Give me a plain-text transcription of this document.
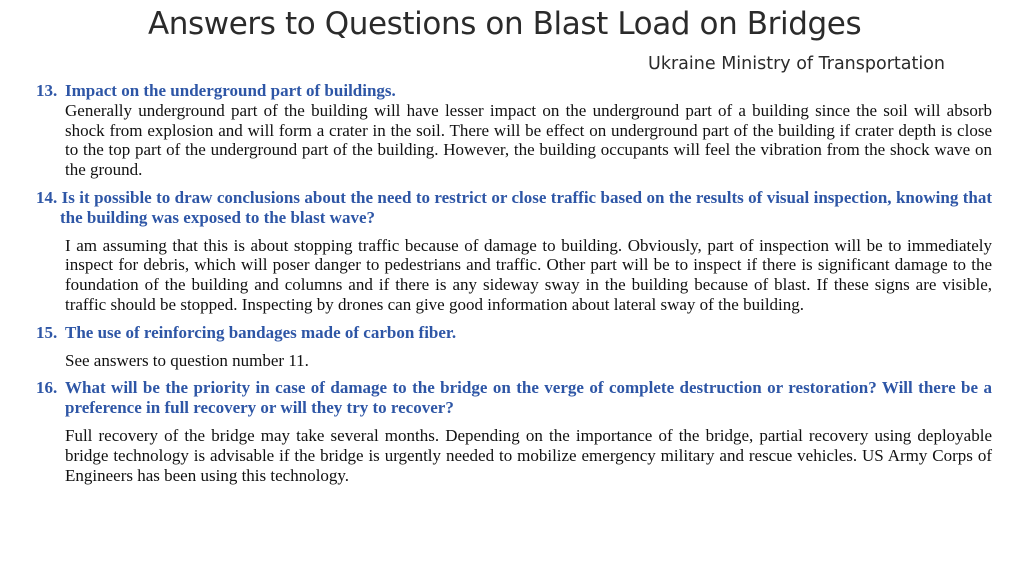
Answers to Questions on Blast Load on Bridges
Ukraine Ministry of Transportation
13. Impact on the underground part of buildings.
Generally underground part of the building will have lesser impact on the underground part of a building since the soil will absorb shock from explosion and will form a crater in the soil. There will be effect on underground part of the building if crater depth is close to the top part of the underground part of the building. However, the building occupants will feel the vibration from the shock wave on the ground.
14. Is it possible to draw conclusions about the need to restrict or close traffic based on the results of visual inspection, knowing that the building was exposed to the blast wave?
I am assuming that this is about stopping traffic because of damage to building. Obviously, part of inspection will be to immediately inspect for debris, which will poser danger to pedestrians and traffic. Other part will be to inspect if there is significant damage to the foundation of the building and columns and if there is any sideway sway in the building because of blast. If these signs are visible, traffic should be stopped. Inspecting by drones can give good information about lateral sway of the building.
15. The use of reinforcing bandages made of carbon fiber.
See answers to question number 11.
16. What will be the priority in case of damage to the bridge on the verge of complete destruction or restoration? Will there be a preference in full recovery or will they try to recover?
Full recovery of the bridge may take several months. Depending on the importance of the bridge, partial recovery using deployable bridge technology is advisable if the bridge is urgently needed to mobilize emergency military and rescue vehicles. US Army Corps of Engineers has been using this technology.
